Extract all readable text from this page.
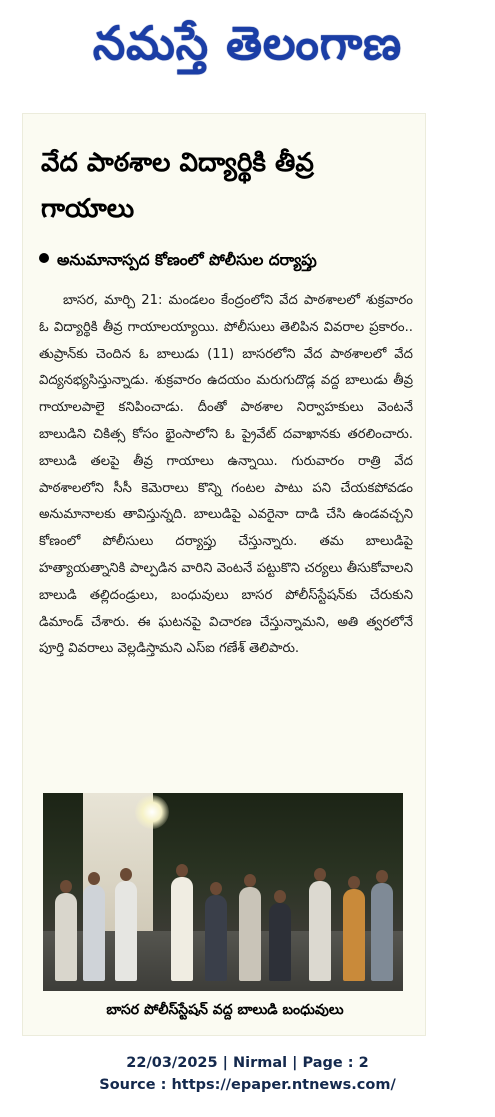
నమస్తే తెలంగాణ
వేద పాఠశాల విద్యార్థికి తీవ్ర గాయాలు
అనుమానాస్పద కోణంలో పోలీసుల దర్యాప్తు

బాసర, మార్చి 21: మండలం కేంద్రంలోని వేద పాఠశాలలో శుక్రవారం ఓ విద్యార్థికి తీవ్ర గాయాలయ్యాయి. పోలీసులు తెలిపిన వివరాల ప్రకారం.. తుప్రాన్‌కు చెందిన ఓ బాలుడు (11) బాసరలోని వేద పాఠశాలలో వేద విద్యనభ్యసిస్తున్నాడు. శుక్రవారం ఉదయం మరుగుదొడ్ల వద్ద బాలుడు తీవ్ర గాయాలపాలై కనిపించాడు. దీంతో పాఠశాల నిర్వాహకులు వెంటనే బాలుడిని చికిత్స కోసం భైంసాలోని ఓ ప్రైవేట్ దవాఖానకు తరలించారు. బాలుడి తలపై తీవ్ర గాయాలు ఉన్నాయి. గురువారం రాత్రి వేద పాఠశాలలోని సీసీ కెమెరాలు కొన్ని గంటల పాటు పని చేయకపోవడం అనుమానాలకు తావిస్తున్నది. బాలుడిపై ఎవరైనా దాడి చేసి ఉండవచ్చని కోణంలో పోలీసులు దర్యాప్తు చేస్తున్నారు. తమ బాలుడిపై హత్యాయత్నానికి పాల్పడిన వారిని వెంటనే పట్టుకొని చర్యలు తీసుకోవాలని బాలుడి తల్లిదండ్రులు, బంధువులు బాసర పోలీస్‌స్టేషన్‌కు చేరుకుని డిమాండ్ చేశారు. ఈ ఘటనపై విచారణ చేస్తున్నామని, అతి త్వరలోనే పూర్తి వివరాలు వెల్లడిస్తామని ఎస్ఐ గణేశ్ తెలిపారు.

బాసర పోలీస్‌స్టేషన్ వద్ద బాలుడి బంధువులు
22/03/2025 | Nirmal | Page : 2
Source : https://epaper.ntnews.com/
